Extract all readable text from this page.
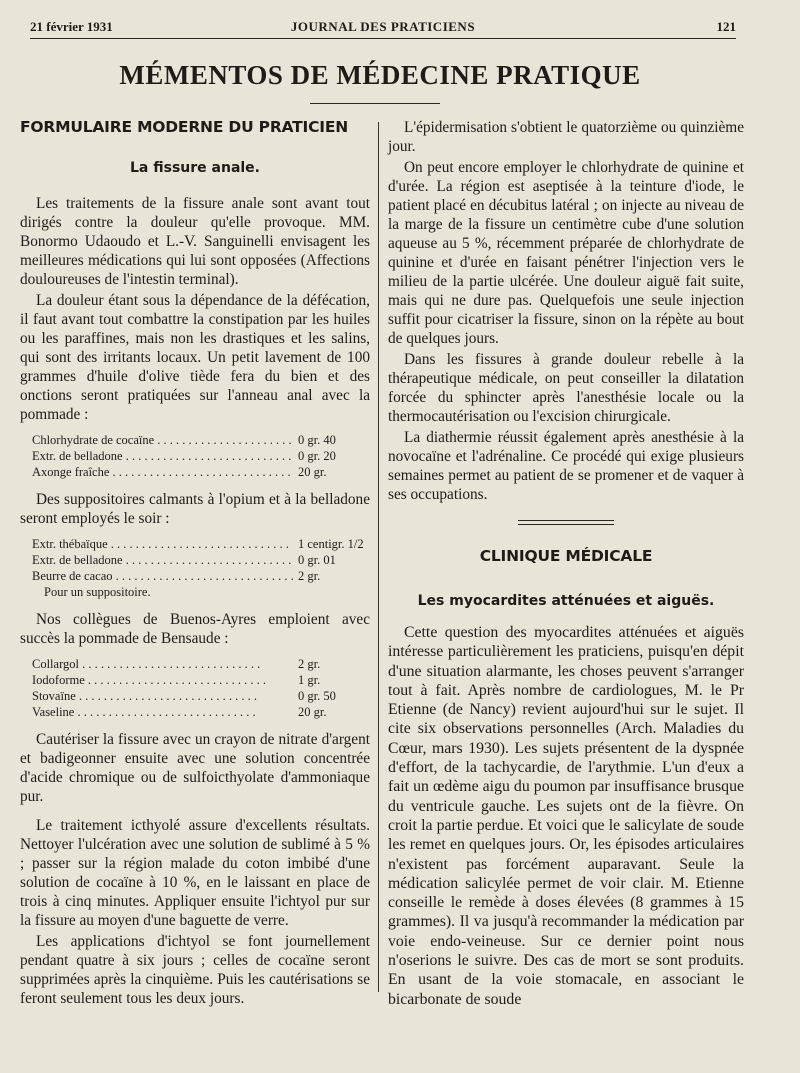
21 février 1931	JOURNAL DES PRATICIENS	121
MÉMENTOS DE MÉDECINE PRATIQUE
FORMULAIRE MODERNE DU PRATICIEN
La fissure anale.

Les traitements de la fissure anale sont avant tout dirigés contre la douleur qu'elle provoque. MM. Bonormo Udaoudo et L.-V. Sanguinelli envisagent les meilleures médications qui lui sont opposées (Affections douloureuses de l'intestin terminal).

La douleur étant sous la dépendance de la défécation, il faut avant tout combattre la constipation par les huiles ou les paraffines, mais non les drastiques et les salins, qui sont des irritants locaux. Un petit lavement de 100 grammes d'huile d'olive tiède fera du bien et des onctions seront pratiquées sur l'anneau anal avec la pommade :

Chlorhydrate de cocaïne . . .	0 gr. 40
Extr. de belladone . . .	0 gr. 20
Axonge fraîche . . .	20 gr.

Des suppositoires calmants à l'opium et à la belladone seront employés le soir :

Extr. thébaïque . . .	1 centigr. 1/2
Extr. de belladone . . .	0 gr. 01
Beurre de cacao . . .	2 gr.
Pour un suppositoire.

Nos collègues de Buenos-Ayres emploient avec succès la pommade de Bensaude :

Collargol . . .	2 gr.
Iodoforme . . .	1 gr.
Stovaïne . . .	0 gr. 50
Vaseline . . .	20 gr.

Cautériser la fissure avec un crayon de nitrate d'argent et badigeonner ensuite avec une solution concentrée d'acide chromique ou de sulfoicthyolate d'ammoniaque pur.

Le traitement icthyolé assure d'excellents résultats. Nettoyer l'ulcération avec une solution de sublimé à 5 % ; passer sur la région malade du coton imbibé d'une solution de cocaïne à 10 %, en le laissant en place de trois à cinq minutes. Appliquer ensuite l'ichtyol pur sur la fissure au moyen d'une baguette de verre.

Les applications d'ichtyol se font journellement pendant quatre à six jours ; celles de cocaïne seront supprimées après la cinquième. Puis les cautérisations se feront seulement tous les deux jours.

L'épidermisation s'obtient le quatorzième ou quinzième jour.

On peut encore employer le chlorhydrate de quinine et d'urée. La région est aseptisée à la teinture d'iode, le patient placé en décubitus latéral ; on injecte au niveau de la marge de la fissure un centimètre cube d'une solution aqueuse au 5 %, récemment préparée de chlorhydrate de quinine et d'urée en faisant pénétrer l'injection vers le milieu de la partie ulcérée. Une douleur aiguë fait suite, mais qui ne dure pas. Quelquefois une seule injection suffit pour cicatriser la fissure, sinon on la répète au bout de quelques jours.

Dans les fissures à grande douleur rebelle à la thérapeutique médicale, on peut conseiller la dilatation forcée du sphincter après l'anesthésie locale ou la thermocautérisation ou l'excision chirurgicale.

La diathermie réussit également après anesthésie à la novocaïne et l'adrénaline. Ce procédé qui exige plusieurs semaines permet au patient de se promener et de vaquer à ses occupations.

CLINIQUE MÉDICALE
Les myocardites atténuées et aiguës.

Cette question des myocardites atténuées et aiguës intéresse particulièrement les praticiens, puisqu'en dépit d'une situation alarmante, les choses peuvent s'arranger tout à fait. Après nombre de cardiologues, M. le Pr Etienne (de Nancy) revient aujourd'hui sur le sujet. Il cite six observations personnelles (Arch. Maladies du Cœur, mars 1930). Les sujets présentent de la dyspnée d'effort, de la tachycardie, de l'arythmie. L'un d'eux a fait un œdème aigu du poumon par insuffisance brusque du ventricule gauche. Les sujets ont de la fièvre. On croit la partie perdue. Et voici que le salicylate de soude les remet en quelques jours. Or, les épisodes articulaires n'existent pas forcément auparavant. Seule la médication salicylée permet de voir clair. M. Etienne conseille le remède à doses élevées (8 grammes à 15 grammes). Il va jusqu'à recommander la médication par voie endo-veineuse. Sur ce dernier point nous n'oserions le suivre. Des cas de mort se sont produits. En usant de la voie stomacale, en associant le bicarbonate de soude
